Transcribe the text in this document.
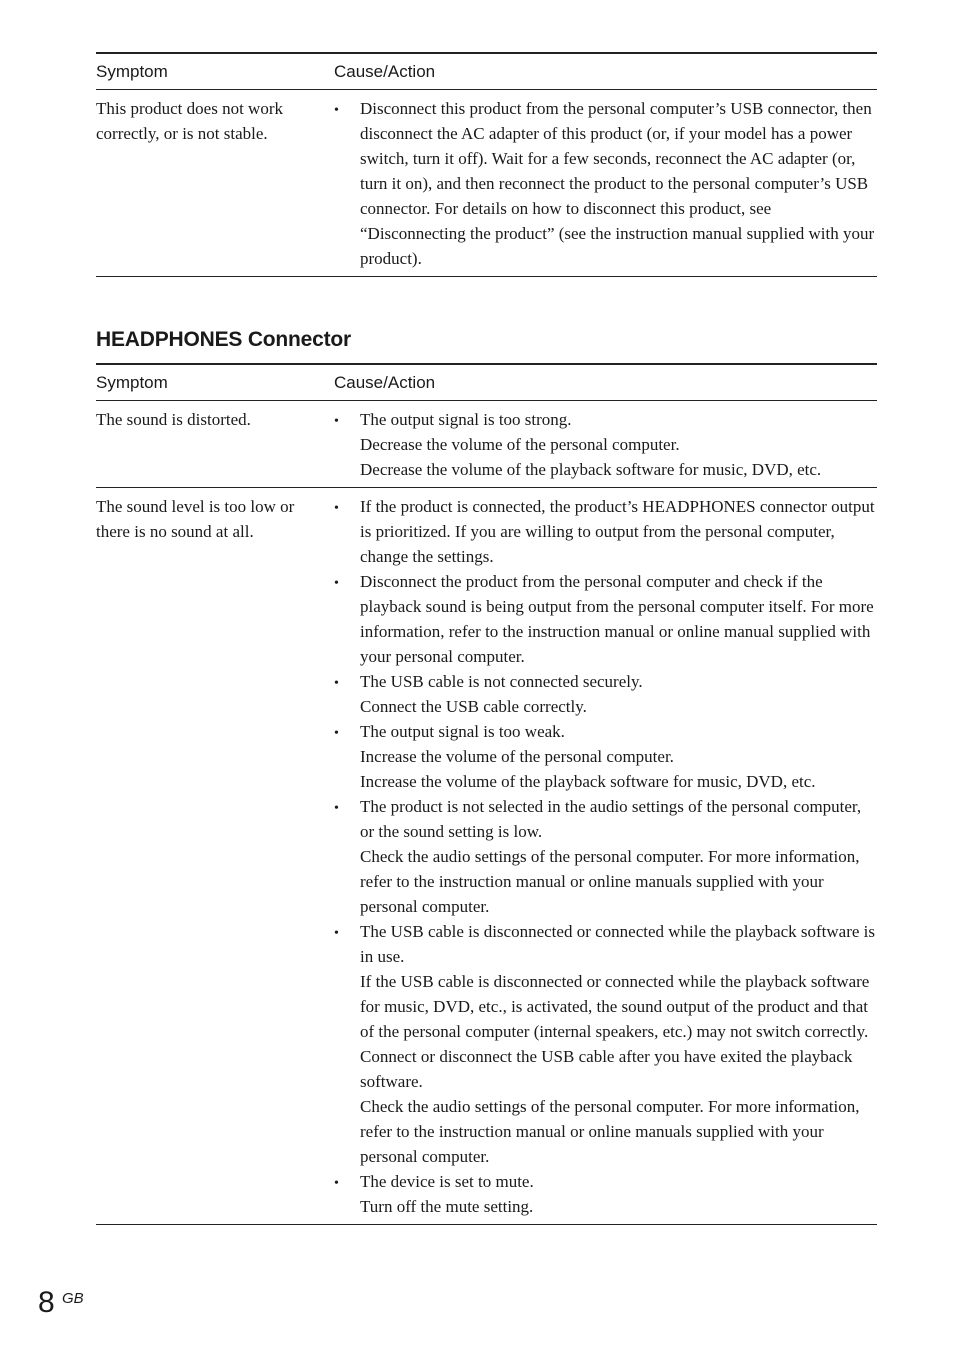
Symptom	Cause/Action
This product does not work correctly, or is not stable.
•
Disconnect this product from the personal computer’s USB connector, then disconnect the AC adapter of this product (or, if your model has a power switch, turn it off). Wait for a few seconds, reconnect the AC adapter (or, turn it on), and then reconnect the product to the personal computer’s USB connector. For details on how to disconnect this product, see “Disconnecting the product” (see the instruction manual supplied with your product).
HEADPHONES Connector
Symptom	Cause/Action
The sound is distorted.
•	The output signal is too strong.
Decrease the volume of the personal computer.
Decrease the volume of the playback software for music, DVD, etc.
The sound level is too low or there is no sound at all.
•
If the product is connected, the product’s HEADPHONES connector output is prioritized. If you are willing to output from the personal computer, change the settings.
•
Disconnect the product from the personal computer and check if the playback sound is being output from the personal computer itself. For more information, refer to the instruction manual or online manual supplied with your personal computer.
•
The USB cable is not connected securely.
Connect the USB cable correctly.
•
The output signal is too weak.
Increase the volume of the personal computer.
Increase the volume of the playback software for music, DVD, etc.
•
The product is not selected in the audio settings of the personal computer, or the sound setting is low.
Check the audio settings of the personal computer. For more information, refer to the instruction manual or online manuals supplied with your personal computer.
•
The USB cable is disconnected or connected while the playback software is in use.
If the USB cable is disconnected or connected while the playback software for music, DVD, etc., is activated, the sound output of the product and that of the personal computer (internal speakers, etc.) may not switch correctly. Connect or disconnect the USB cable after you have exited the playback software.
Check the audio settings of the personal computer. For more information, refer to the instruction manual or online manuals supplied with your personal computer.
•
The device is set to mute.
Turn off the mute setting.
8 GB
